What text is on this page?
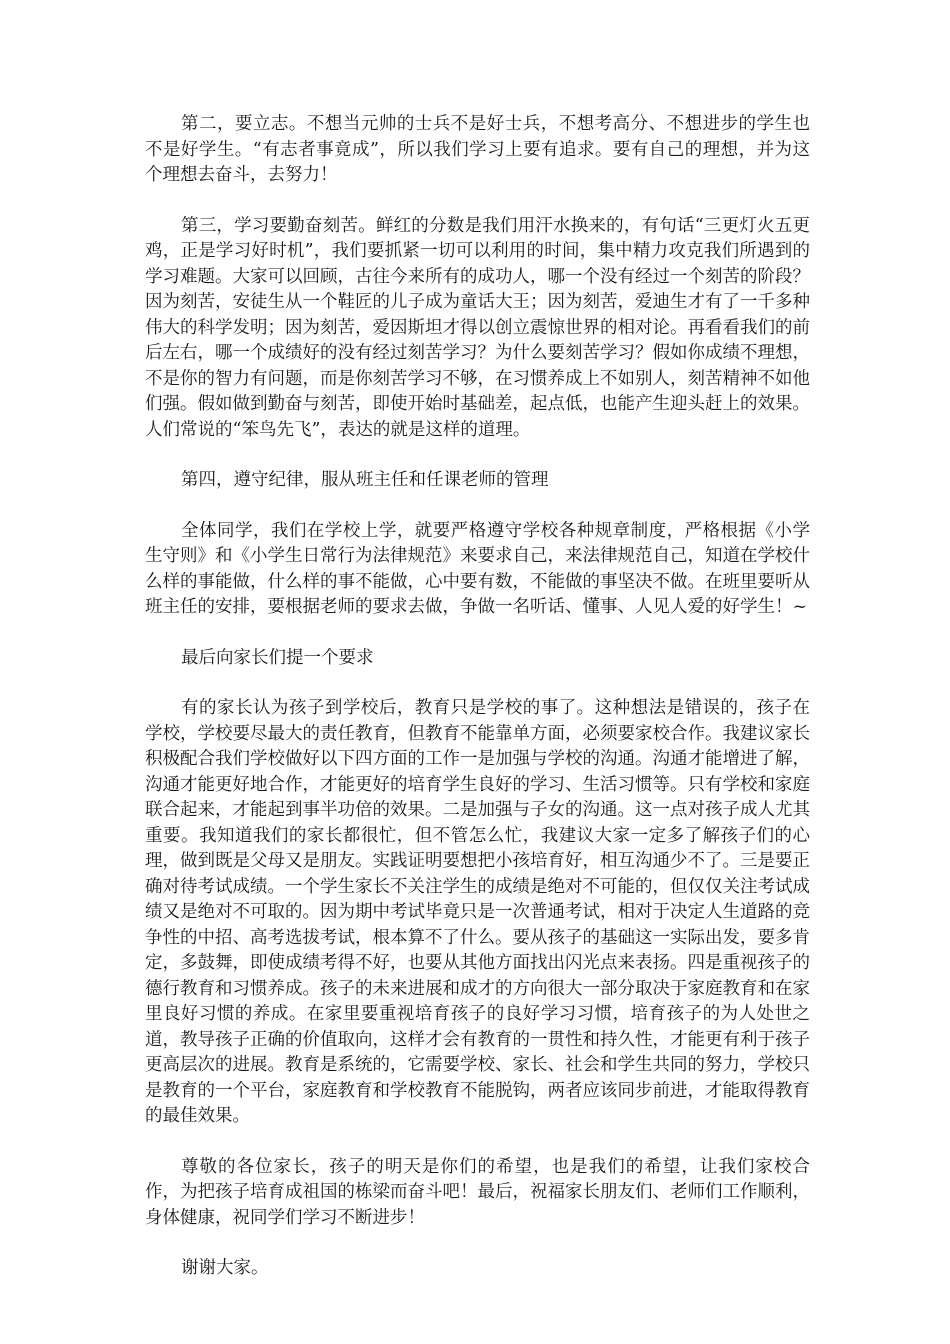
第二，要立志。不想当元帅的士兵不是好士兵，不想考高分、不想进步的学生也不是好学生。“有志者事竟成”，所以我们学习上要有追求。要有自己的理想，并为这个理想去奋斗，去努力！

第三，学习要勤奋刻苦。鲜红的分数是我们用汗水换来的，有句话“三更灯火五更鸡，正是学习好时机”，我们要抓紧一切可以利用的时间，集中精力攻克我们所遇到的学习难题。大家可以回顾，古往今来所有的成功人，哪一个没有经过一个刻苦的阶段？因为刻苦，安徒生从一个鞋匠的儿子成为童话大王；因为刻苦，爱迪生才有了一千多种伟大的科学发明；因为刻苦，爱因斯坦才得以创立震惊世界的相对论。再看看我们的前后左右，哪一个成绩好的没有经过刻苦学习？为什么要刻苦学习？假如你成绩不理想，不是你的智力有问题，而是你刻苦学习不够，在习惯养成上不如别人，刻苦精神不如他们强。假如做到勤奋与刻苦，即使开始时基础差，起点低，也能产生迎头赶上的效果。人们常说的“笨鸟先飞”，表达的就是这样的道理。

第四，遵守纪律，服从班主任和任课老师的管理

全体同学，我们在学校上学，就要严格遵守学校各种规章制度，严格根据《小学生守则》和《小学生日常行为法律规范》来要求自己，来法律规范自己，知道在学校什么样的事能做，什么样的事不能做，心中要有数，不能做的事坚决不做。在班里要听从班主任的安排，要根据老师的要求去做，争做一名听话、懂事、人见人爱的好学生！~

最后向家长们提一个要求

有的家长认为孩子到学校后，教育只是学校的事了。这种想法是错误的，孩子在学校，学校要尽最大的责任教育，但教育不能靠单方面，必须要家校合作。我建议家长积极配合我们学校做好以下四方面的工作一是加强与学校的沟通。沟通才能增进了解，沟通才能更好地合作，才能更好的培育学生良好的学习、生活习惯等。只有学校和家庭联合起来，才能起到事半功倍的效果。二是加强与子女的沟通。这一点对孩子成人尤其重要。我知道我们的家长都很忙，但不管怎么忙，我建议大家一定多了解孩子们的心理，做到既是父母又是朋友。实践证明要想把小孩培育好，相互沟通少不了。三是要正确对待考试成绩。一个学生家长不关注学生的成绩是绝对不可能的，但仅仅关注考试成绩又是绝对不可取的。因为期中考试毕竟只是一次普通考试，相对于决定人生道路的竞争性的中招、高考选拔考试，根本算不了什么。要从孩子的基础这一实际出发，要多肯定，多鼓舞，即使成绩考得不好，也要从其他方面找出闪光点来表扬。四是重视孩子的德行教育和习惯养成。孩子的未来进展和成才的方向很大一部分取决于家庭教育和在家里良好习惯的养成。在家里要重视培育孩子的良好学习习惯，培育孩子的为人处世之道，教导孩子正确的价值取向，这样才会有教育的一贯性和持久性，才能更有利于孩子更高层次的进展。教育是系统的，它需要学校、家长、社会和学生共同的努力，学校只是教育的一个平台，家庭教育和学校教育不能脱钩，两者应该同步前进，才能取得教育的最佳效果。

尊敬的各位家长，孩子的明天是你们的希望，也是我们的希望，让我们家校合作，为把孩子培育成祖国的栋梁而奋斗吧！最后，祝福家长朋友们、老师们工作顺利，身体健康，祝同学们学习不断进步！

谢谢大家。
